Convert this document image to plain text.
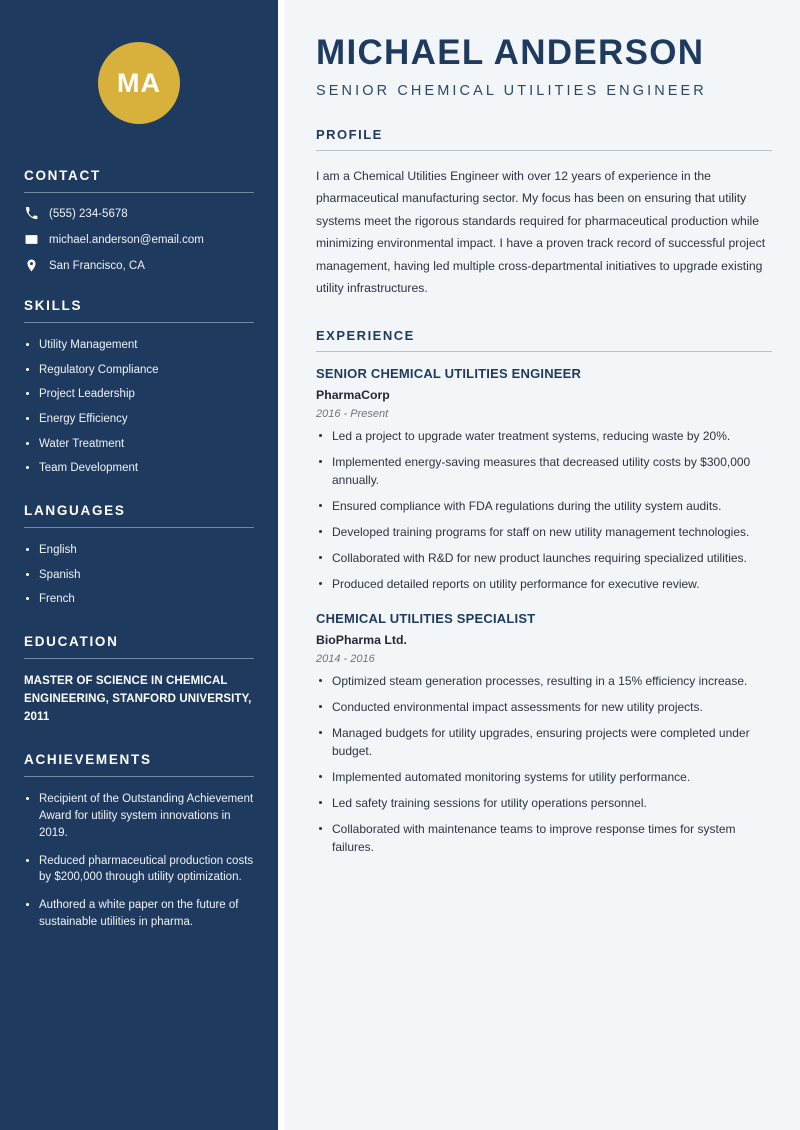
MA
CONTACT
(555) 234-5678
michael.anderson@email.com
San Francisco, CA
SKILLS
Utility Management
Regulatory Compliance
Project Leadership
Energy Efficiency
Water Treatment
Team Development
LANGUAGES
English
Spanish
French
EDUCATION
MASTER OF SCIENCE IN CHEMICAL ENGINEERING, STANFORD UNIVERSITY, 2011
ACHIEVEMENTS
Recipient of the Outstanding Achievement Award for utility system innovations in 2019.
Reduced pharmaceutical production costs by $200,000 through utility optimization.
Authored a white paper on the future of sustainable utilities in pharma.
MICHAEL ANDERSON
SENIOR CHEMICAL UTILITIES ENGINEER
PROFILE

I am a Chemical Utilities Engineer with over 12 years of experience in the pharmaceutical manufacturing sector. My focus has been on ensuring that utility systems meet the rigorous standards required for pharmaceutical production while minimizing environmental impact. I have a proven track record of successful project management, having led multiple cross-departmental initiatives to upgrade existing utility infrastructures.

EXPERIENCE
SENIOR CHEMICAL UTILITIES ENGINEER
PharmaCorp
2016 - Present
Led a project to upgrade water treatment systems, reducing waste by 20%.
Implemented energy-saving measures that decreased utility costs by $300,000 annually.
Ensured compliance with FDA regulations during the utility system audits.
Developed training programs for staff on new utility management technologies.
Collaborated with R&D for new product launches requiring specialized utilities.
Produced detailed reports on utility performance for executive review.
CHEMICAL UTILITIES SPECIALIST
BioPharma Ltd.
2014 - 2016
Optimized steam generation processes, resulting in a 15% efficiency increase.
Conducted environmental impact assessments for new utility projects.
Managed budgets for utility upgrades, ensuring projects were completed under budget.
Implemented automated monitoring systems for utility performance.
Led safety training sessions for utility operations personnel.
Collaborated with maintenance teams to improve response times for system failures.
